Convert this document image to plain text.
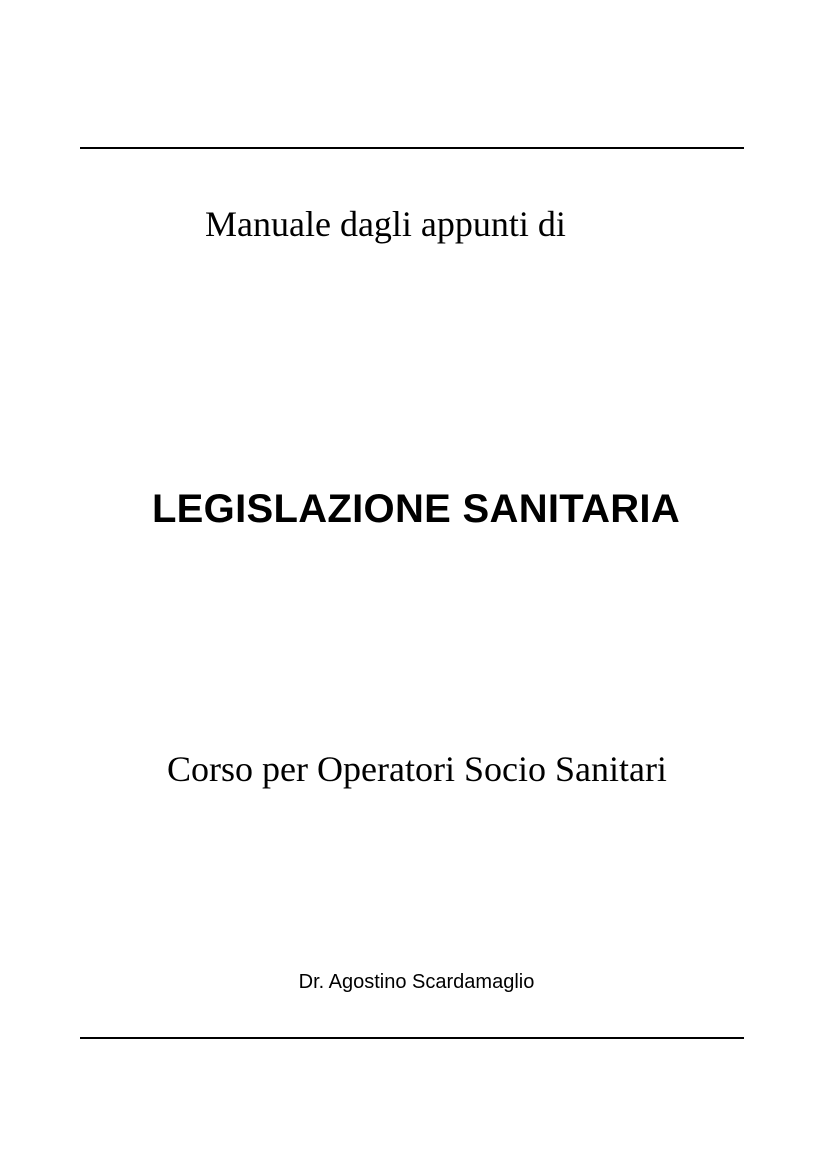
Manuale dagli appunti di
LEGISLAZIONE SANITARIA
Corso per Operatori Socio Sanitari
Dr. Agostino Scardamaglio
